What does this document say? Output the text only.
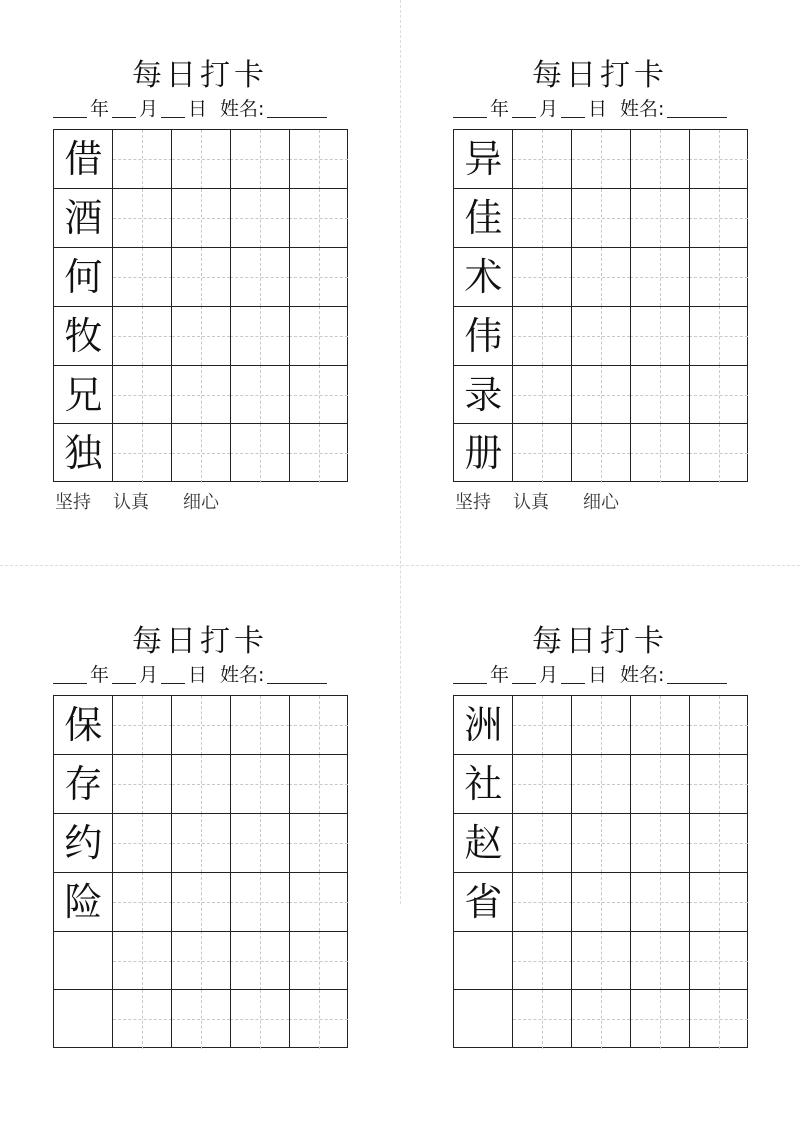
每日打卡
年 月 日 姓名:
借
酒
何
牧
兄
独
坚持 认真 细心
每日打卡
年 月 日 姓名:
异
佳
术
伟
录
册
坚持 认真 细心
每日打卡
年 月 日 姓名:
保
存
约
险
每日打卡
年 月 日 姓名:
洲
社
赵
省
